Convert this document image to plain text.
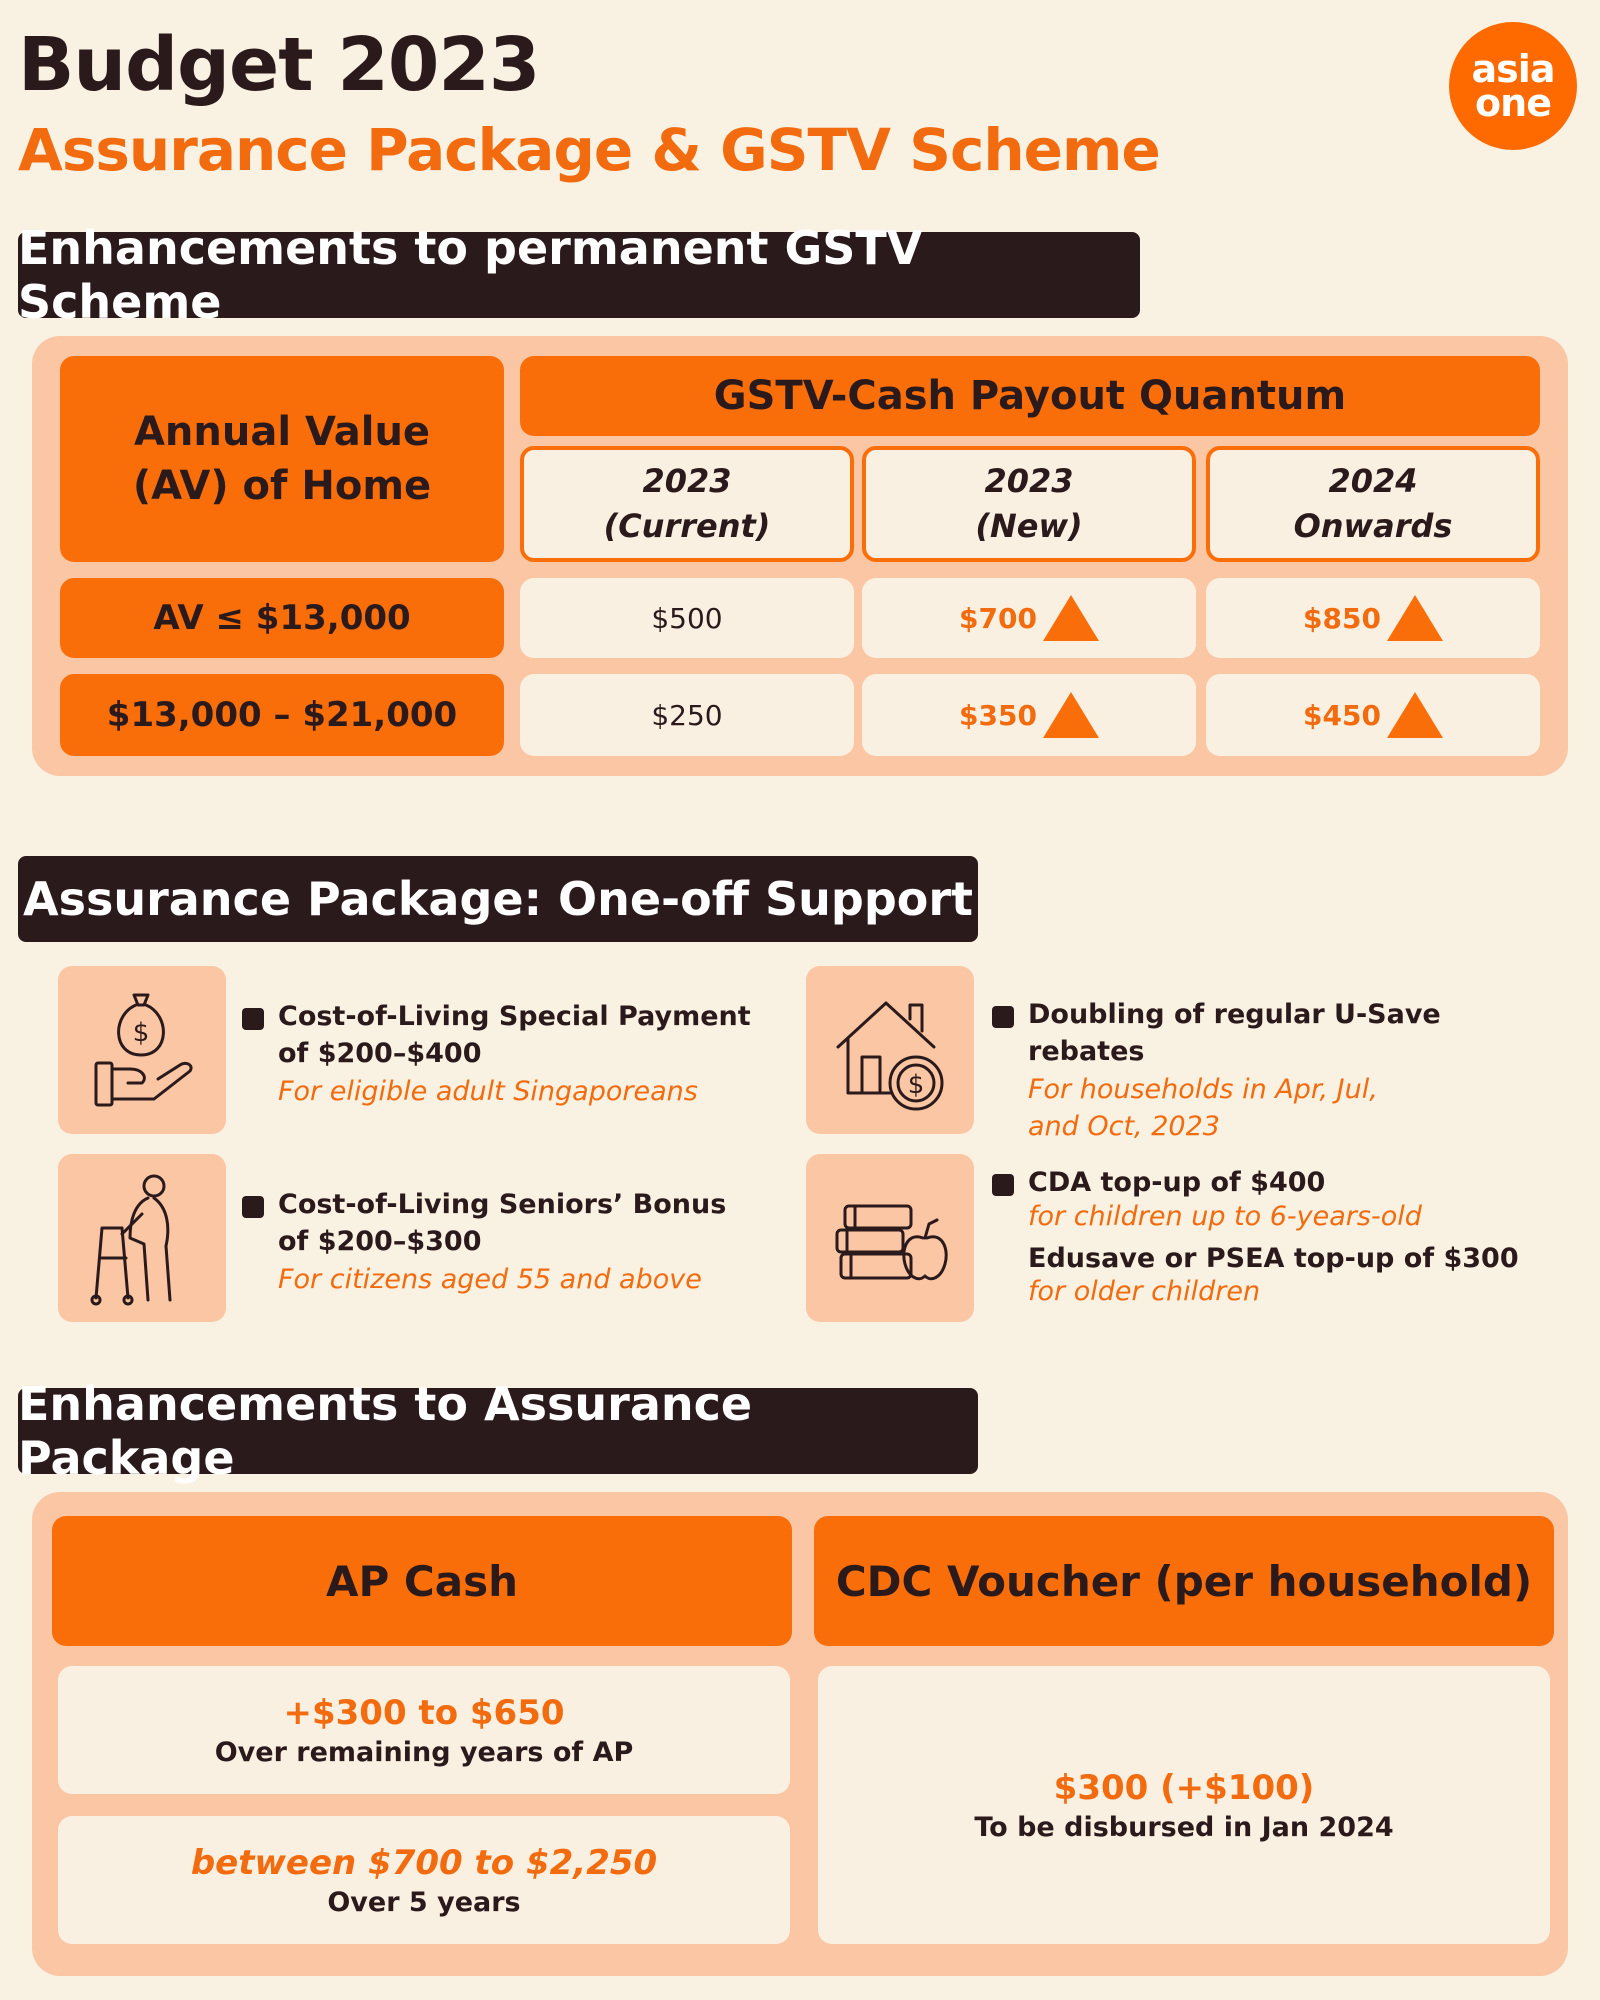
Budget 2023
Assurance Package & GSTV Scheme
asia
one
Enhancements to permanent GSTV Scheme
Annual Value (AV) of Home
GSTV-Cash Payout Quantum
2023
(Current)
2023
(New)
2024
Onwards
AV ≤ $13,000	$500	$700	$850
$13,000 – $21,000	$250	$350	$450
Assurance Package: One-off Support
$
Cost-of-Living Special Payment of $200–$400
For eligible adult Singaporeans	$
Doubling of regular U-Save rebates
For households in Apr, Jul, and Oct, 2023
Cost-of-Living Seniors’ Bonus of $200–$300
For citizens aged 55 and above
CDA top-up of $400
for children up to 6-years-old
Edusave or PSEA top-up of $300
for older children
Enhancements to Assurance Package
AP Cash	CDC Voucher (per household)
+$300 to $650
Over remaining years of AP
between $700 to $2,250
Over 5 years
$300 (+$100)
To be disbursed in Jan 2024
